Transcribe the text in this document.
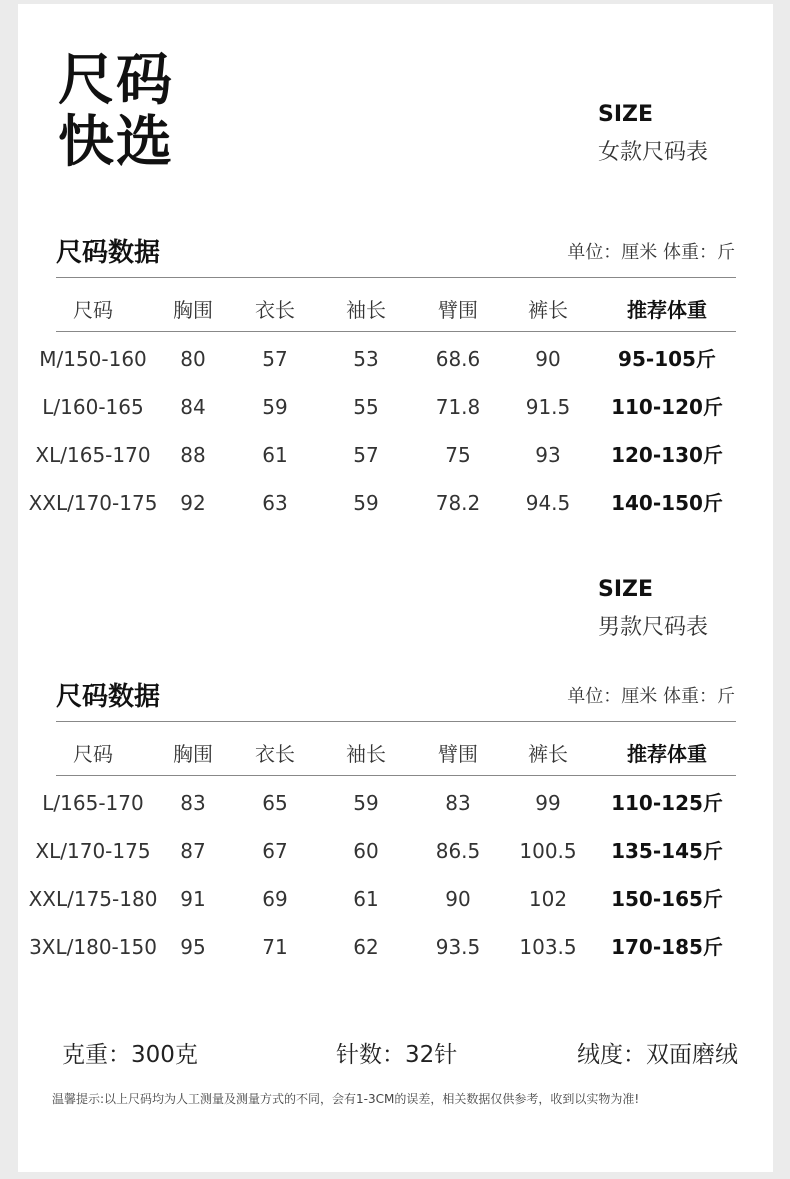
尺码
快选	SIZE
女款尺码表
尺码数据	单位：厘米 体重：斤
尺码	胸围 衣长	袖长	臂围	裤长	推荐体重
M/150-160 80	57	53	68.6	90	95-105斤
L/160-165 84	59	55	71.8 91.5 110-120斤
XL/165-170 88	61	57	75	93	120-130斤
XXL/170-175 92	63	59	78.2 94.5 140-150斤
SIZE
男款尺码表
尺码数据	单位：厘米 体重：斤
尺码	胸围 衣长	袖长	臂围	裤长	推荐体重
L/165-170 83	65	59	83	99	110-125斤
XL/170-175 87	67	60	86.5 100.5 135-145斤
XXL/175-180 91	69	61	90	102 150-165斤
3XL/180-150 95	71	62	93.5 103.5 170-185斤
克重：300克	针数：32针	绒度：双面磨绒
温馨提示:以上尺码均为人工测量及测量方式的不同，会有1-3CM的误差，相关数据仅供参考，收到以实物为准!
